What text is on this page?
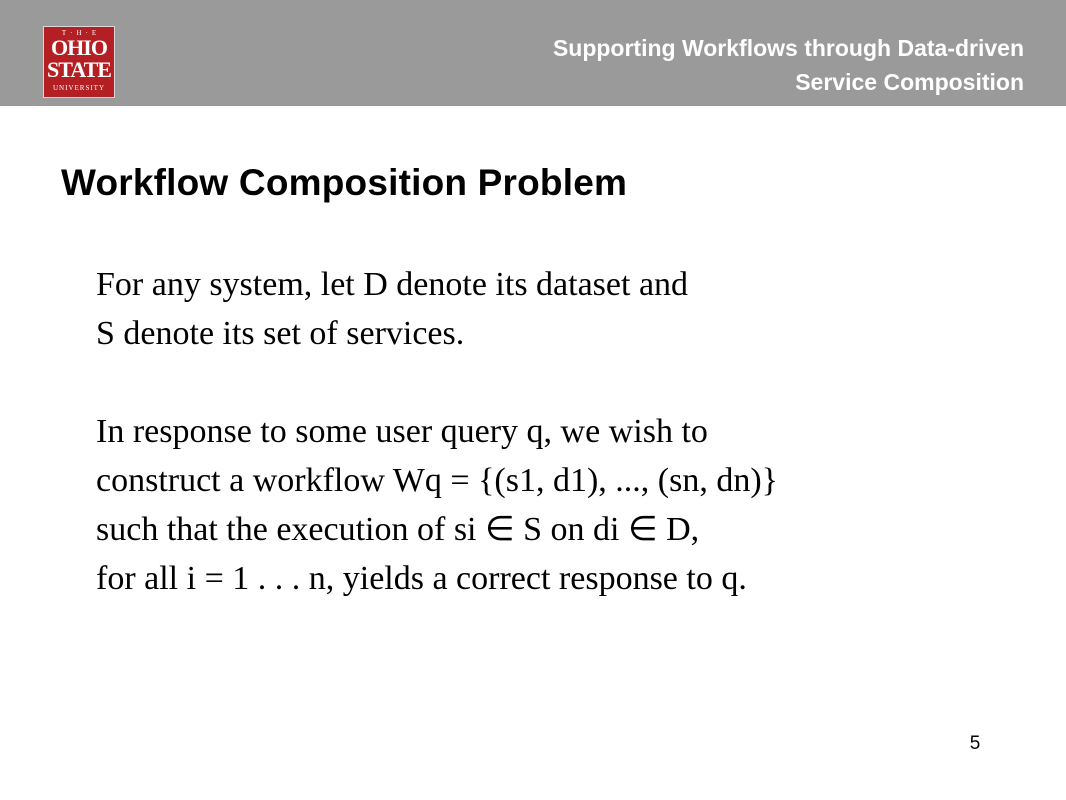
T·H·E
OHIO
STATE
UNIVERSITY
Supporting Workflows through Data-driven
Service Composition
Workflow Composition Problem

For any system, let D denote its dataset and
S denote its set of services.

In response to some user query q, we wish to
construct a workflow Wq = {(s1, d1), ..., (sn, dn)}
such that the execution of si ∈ S on di ∈ D,
for all i = 1 . . . n, yields a correct response to q.

5
